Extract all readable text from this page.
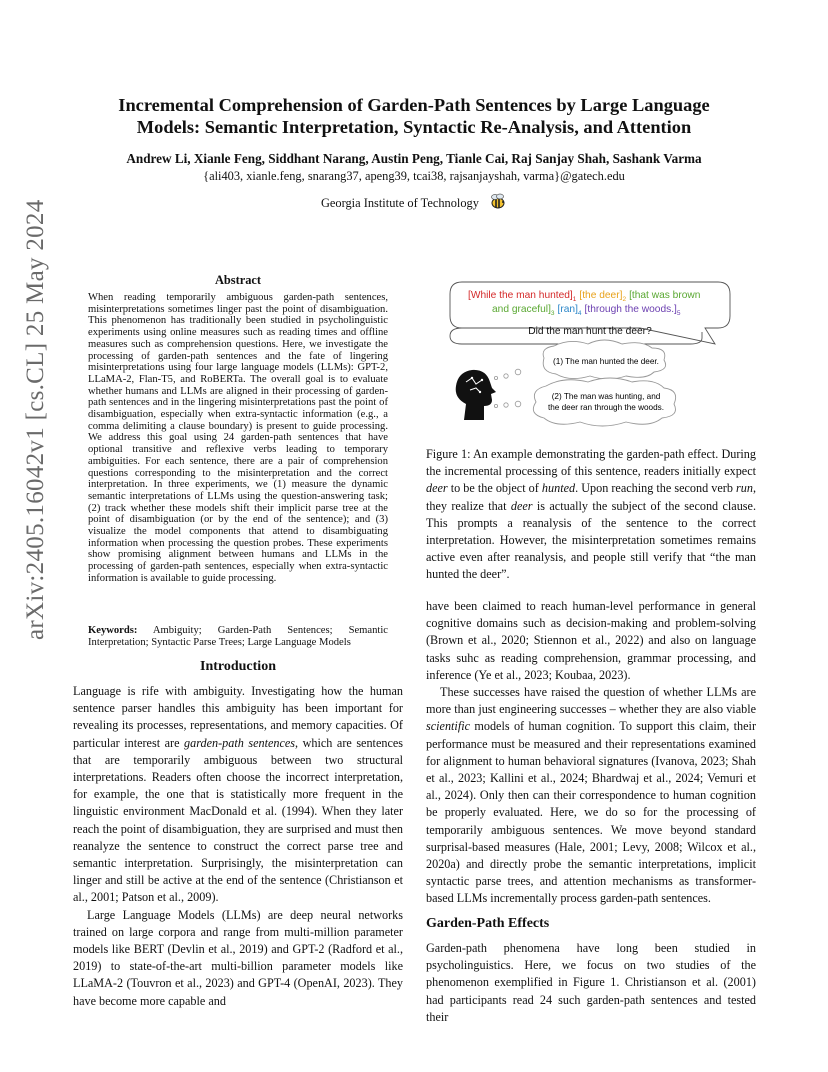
arXiv:2405.16042v1 [cs.CL] 25 May 2024
Incremental Comprehension of Garden-Path Sentences by Large Language
Models: Semantic Interpretation, Syntactic Re-Analysis, and Attention
Andrew Li, Xianle Feng, Siddhant Narang, Austin Peng, Tianle Cai, Raj Sanjay Shah, Sashank Varma
{ali403, xianle.feng, snarang37, apeng39, tcai38, rajsanjayshah, varma}@gatech.edu
Georgia Institute of Technology
Abstract
When reading temporarily ambiguous garden-path sentences, misinterpretations sometimes linger past the point of disambiguation. This phenomenon has traditionally been studied in psycholinguistic experiments using online measures such as reading times and offline measures such as comprehension questions. Here, we investigate the processing of garden-path sentences and the fate of lingering misinterpretations using four large language models (LLMs): GPT-2, LLaMA-2, Flan-T5, and RoBERTa. The overall goal is to evaluate whether humans and LLMs are aligned in their processing of garden-path sentences and in the lingering misinterpretations past the point of disambiguation, especially when extra-syntactic information (e.g., a comma delimiting a clause boundary) is present to guide processing. We address this goal using 24 garden-path sentences that have optional transitive and reflexive verbs leading to temporary ambiguities. For each sentence, there are a pair of comprehension questions corresponding to the misinterpretation and the correct interpretation. In three experiments, we (1) measure the dynamic semantic interpretations of LLMs using the question-answering task; (2) track whether these models shift their implicit parse tree at the point of disambiguation (or by the end of the sentence); and (3) visualize the model components that attend to disambiguating information when processing the question probes. These experiments show promising alignment between humans and LLMs in the processing of garden-path sentences, especially when extra-syntactic information is available to guide processing.
Keywords: Ambiguity; Garden-Path Sentences; Semantic Interpretation; Syntactic Parse Trees; Large Language Models
Introduction

Language is rife with ambiguity. Investigating how the human sentence parser handles this ambiguity has been important for revealing its processes, representations, and memory capacities. Of particular interest are garden-path sentences, which are sentences that are temporarily ambiguous between two structural interpretations. Readers often choose the incorrect interpretation, for example, the one that is statistically more frequent in the linguistic environment MacDonald et al. (1994). When they later reach the point of disambiguation, they are surprised and must then reanalyze the sentence to construct the correct parse tree and semantic interpretation. Surprisingly, the misinterpretation can linger and still be active at the end of the sentence (Christianson et al., 2001; Patson et al., 2009).

Large Language Models (LLMs) are deep neural networks trained on large corpora and range from multi-million parameter models like BERT (Devlin et al., 2019) and GPT-2 (Radford et al., 2019) to state-of-the-art multi-billion parameter models like LLaMA-2 (Touvron et al., 2023) and GPT-4 (OpenAI, 2023). They have become more capable and

[While the man $hunted]_1$ [the $deer]_2$ [that was brown
and $graceful]_3$ $[ran]_4$ [through the $woods.]_5$
Did the man hunt the deer?
(1) The man hunted the deer.
(2) The man was hunting, and
the deer ran through the woods.
Figure 1: An example demonstrating the garden-path effect. During the incremental processing of this sentence, readers initially expect deer to be the object of hunted. Upon reaching the second verb run, they realize that deer is actually the subject of the second clause. This prompts a reanalysis of the sentence to the correct interpretation. However, the misinterpretation sometimes remains active even after reanalysis, and people still verify that “the man hunted the deer”.

have been claimed to reach human-level performance in general cognitive domains such as decision-making and problem-solving (Brown et al., 2020; Stiennon et al., 2022) and also on language tasks suhc as reading comprehension, grammar processing, and inference (Ye et al., 2023; Koubaa, 2023).

These successes have raised the question of whether LLMs are more than just engineering successes – whether they are also viable scientific models of human cognition. To support this claim, their performance must be measured and their representations examined for alignment to human behavioral signatures (Ivanova, 2023; Shah et al., 2023; Kallini et al., 2024; Bhardwaj et al., 2024; Vemuri et al., 2024). Only then can their correspondence to human cognition be properly evaluated. Here, we do so for the processing of temporarily ambiguous sentences. We move beyond standard surprisal-based measures (Hale, 2001; Levy, 2008; Wilcox et al., 2020a) and directly probe the semantic interpretations, implicit syntactic parse trees, and attention mechanisms as transformer-based LLMs incrementally process garden-path sentences.

Garden-Path Effects
Garden-path phenomena have long been studied in psycholinguistics. Here, we focus on two studies of the phenomenon exemplified in Figure 1. Christianson et al. (2001) had participants read 24 such garden-path sentences and tested their
